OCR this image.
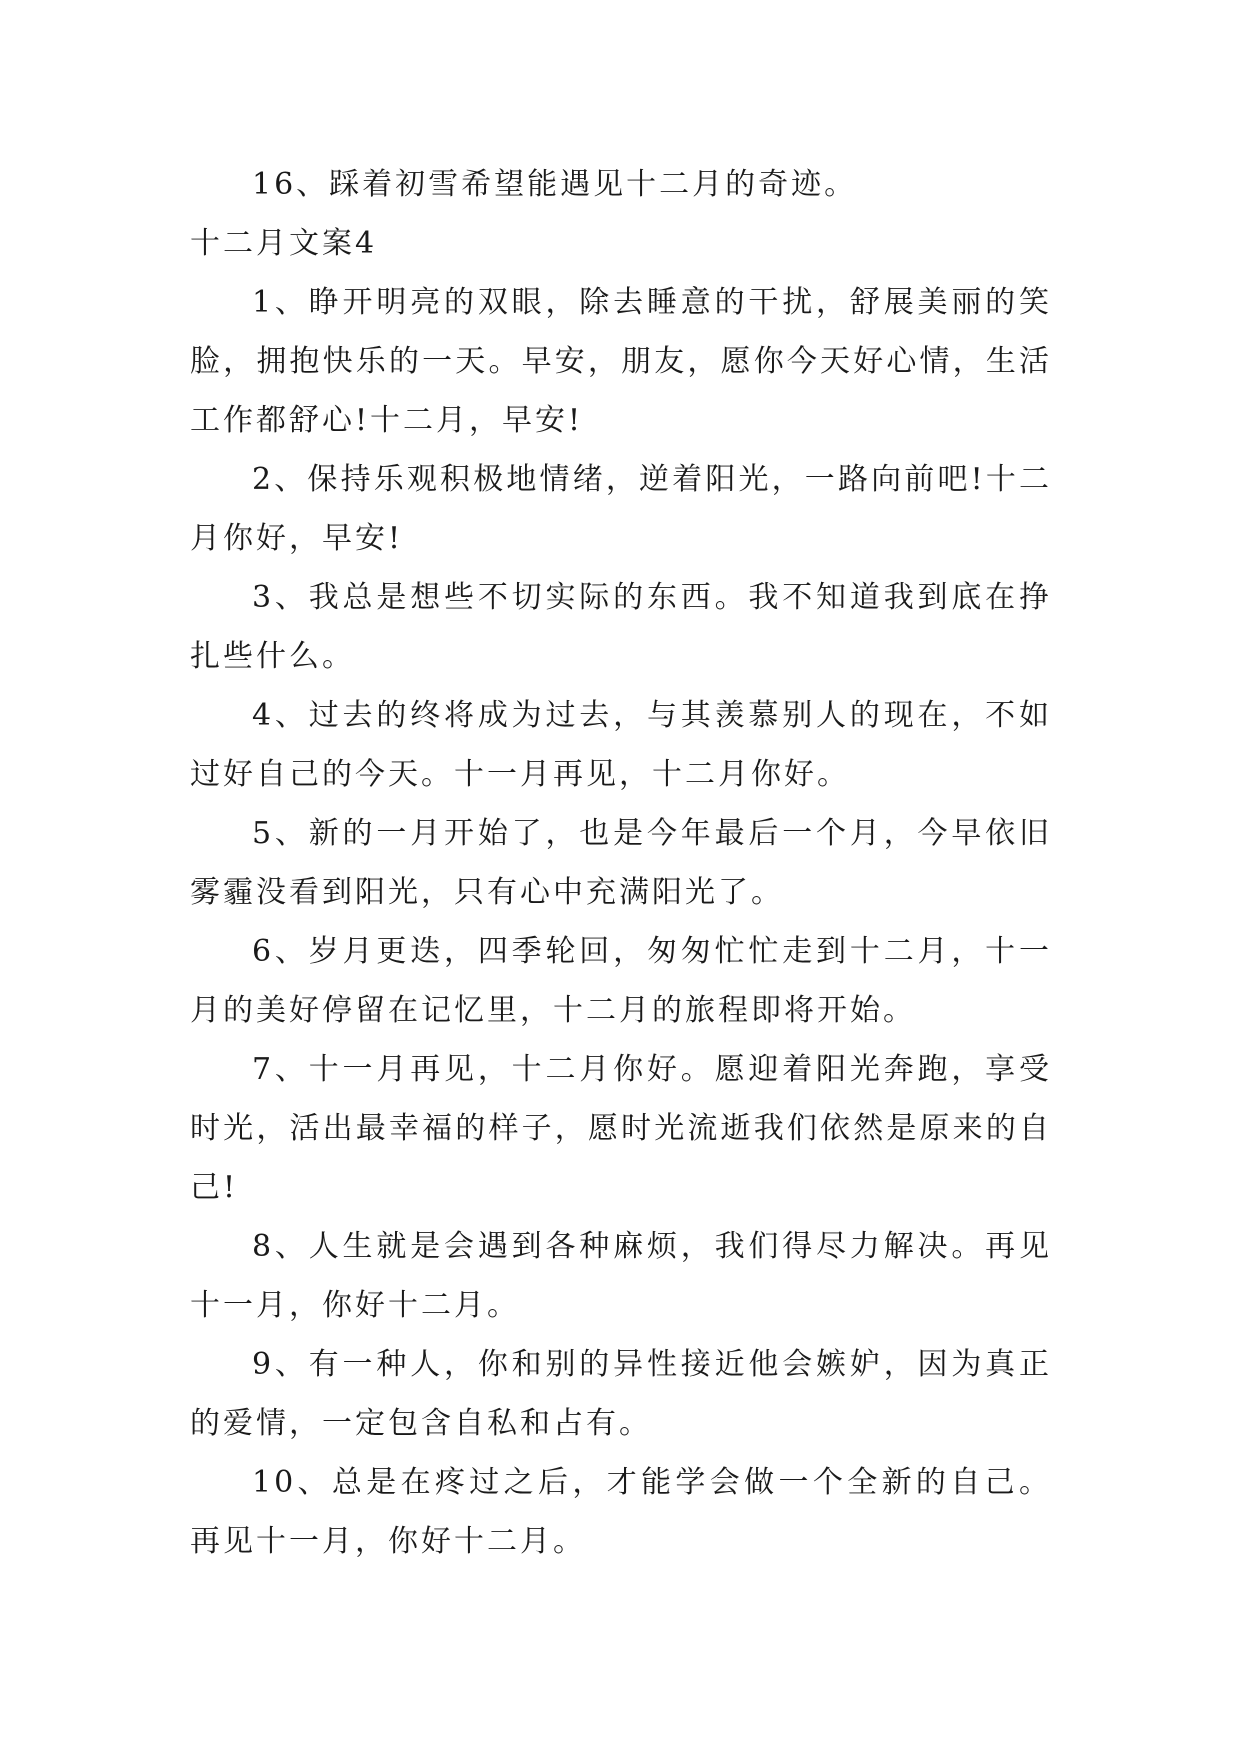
16、踩着初雪希望能遇见十二月的奇迹。

十二月文案4

1、睁开明亮的双眼，除去睡意的干扰，舒展美丽的笑脸，拥抱快乐的一天。早安，朋友，愿你今天好心情，生活工作都舒心!十二月，早安!

2、保持乐观积极地情绪，逆着阳光，一路向前吧!十二月你好，早安!

3、我总是想些不切实际的东西。我不知道我到底在挣扎些什么。

4、过去的终将成为过去，与其羡慕别人的现在，不如过好自己的今天。十一月再见，十二月你好。

5、新的一月开始了，也是今年最后一个月，今早依旧雾霾没看到阳光，只有心中充满阳光了。

6、岁月更迭，四季轮回，匆匆忙忙走到十二月，十一月的美好停留在记忆里，十二月的旅程即将开始。

7、十一月再见，十二月你好。愿迎着阳光奔跑，享受时光，活出最幸福的样子，愿时光流逝我们依然是原来的自己!

8、人生就是会遇到各种麻烦，我们得尽力解决。再见十一月，你好十二月。

9、有一种人，你和别的异性接近他会嫉妒，因为真正的爱情，一定包含自私和占有。

10、总是在疼过之后，才能学会做一个全新的自己。再见十一月，你好十二月。
